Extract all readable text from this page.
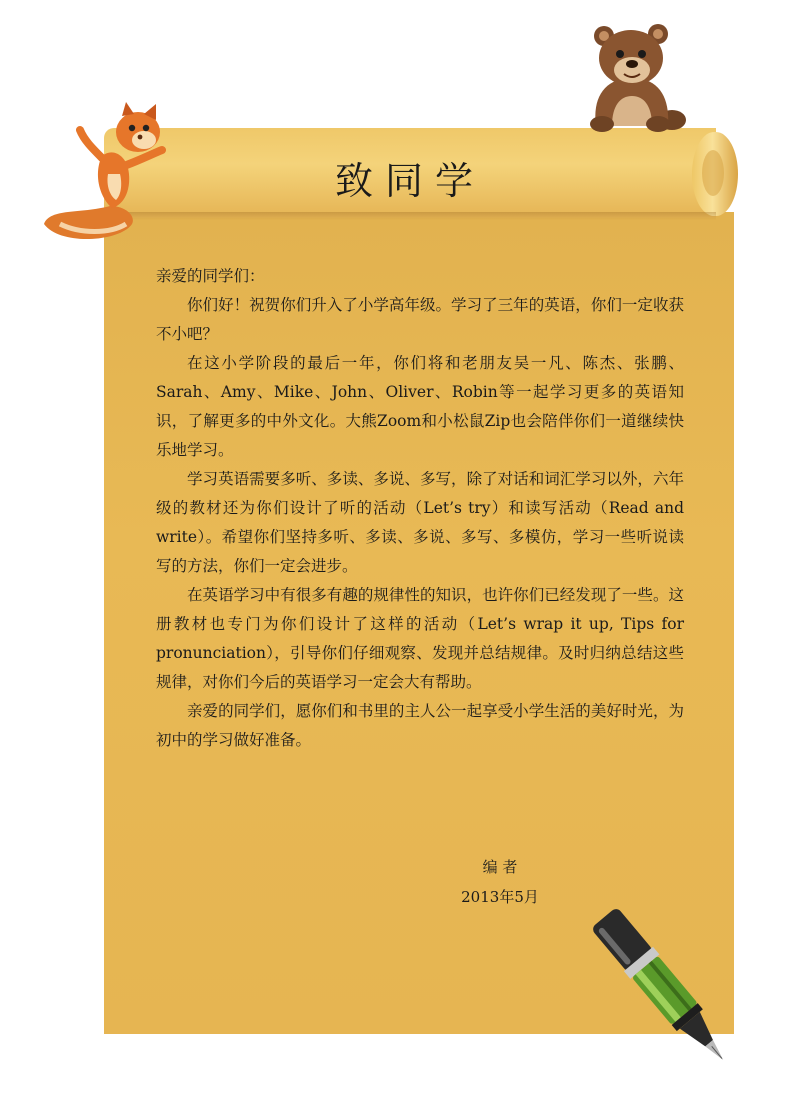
致同学

亲爱的同学们：

你们好！祝贺你们升入了小学高年级。学习了三年的英语，你们一定收获不小吧？

在这小学阶段的最后一年，你们将和老朋友吴一凡、陈杰、张鹏、Sarah、Amy、Mike、John、Oliver、Robin等一起学习更多的英语知识，了解更多的中外文化。大熊Zoom和小松鼠Zip也会陪伴你们一道继续快乐地学习。

学习英语需要多听、多读、多说、多写，除了对话和词汇学习以外，六年级的教材还为你们设计了听的活动（Let’s try）和读写活动（Read and write）。希望你们坚持多听、多读、多说、多写、多模仿，学习一些听说读写的方法，你们一定会进步。

在英语学习中有很多有趣的规律性的知识，也许你们已经发现了一些。这册教材也专门为你们设计了这样的活动（Let’s wrap it up, Tips for pronunciation），引导你们仔细观察、发现并总结规律。及时归纳总结这些规律，对你们今后的英语学习一定会大有帮助。

亲爱的同学们，愿你们和书里的主人公一起享受小学生活的美好时光，为初中的学习做好准备。

编 者
2013年5月
